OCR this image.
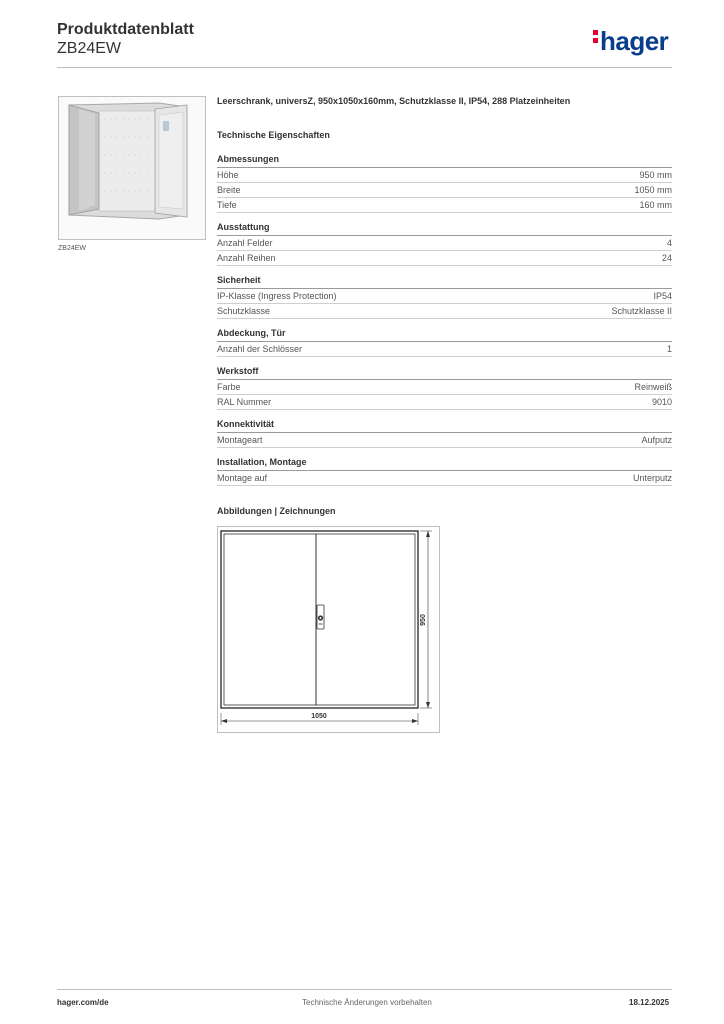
Produktdatenblatt
ZB24EW	hager
ZB24EW
Leerschrank, universZ, 950x1050x160mm, Schutzklasse II, IP54, 288 Platzeinheiten
Technische Eigenschaften
Abmessungen
Höhe	950 mm
Breite	1050 mm
Tiefe	160 mm
Ausstattung
Anzahl Felder	4
Anzahl Reihen	24
Sicherheit
IP-Klasse (Ingress Protection)	IP54
Schutzklasse	Schutzklasse II
Abdeckung, Tür
Anzahl der Schlösser	1
Werkstoff
Farbe	Reinweiß
RAL Nummer	9010
Konnektivität
Montageart	Aufputz
Installation, Montage
Montage auf	Unterputz
Abbildungen | Zeichnungen
1050
950
hager.com/de	Technische Änderungen vorbehalten	18.12.2025
